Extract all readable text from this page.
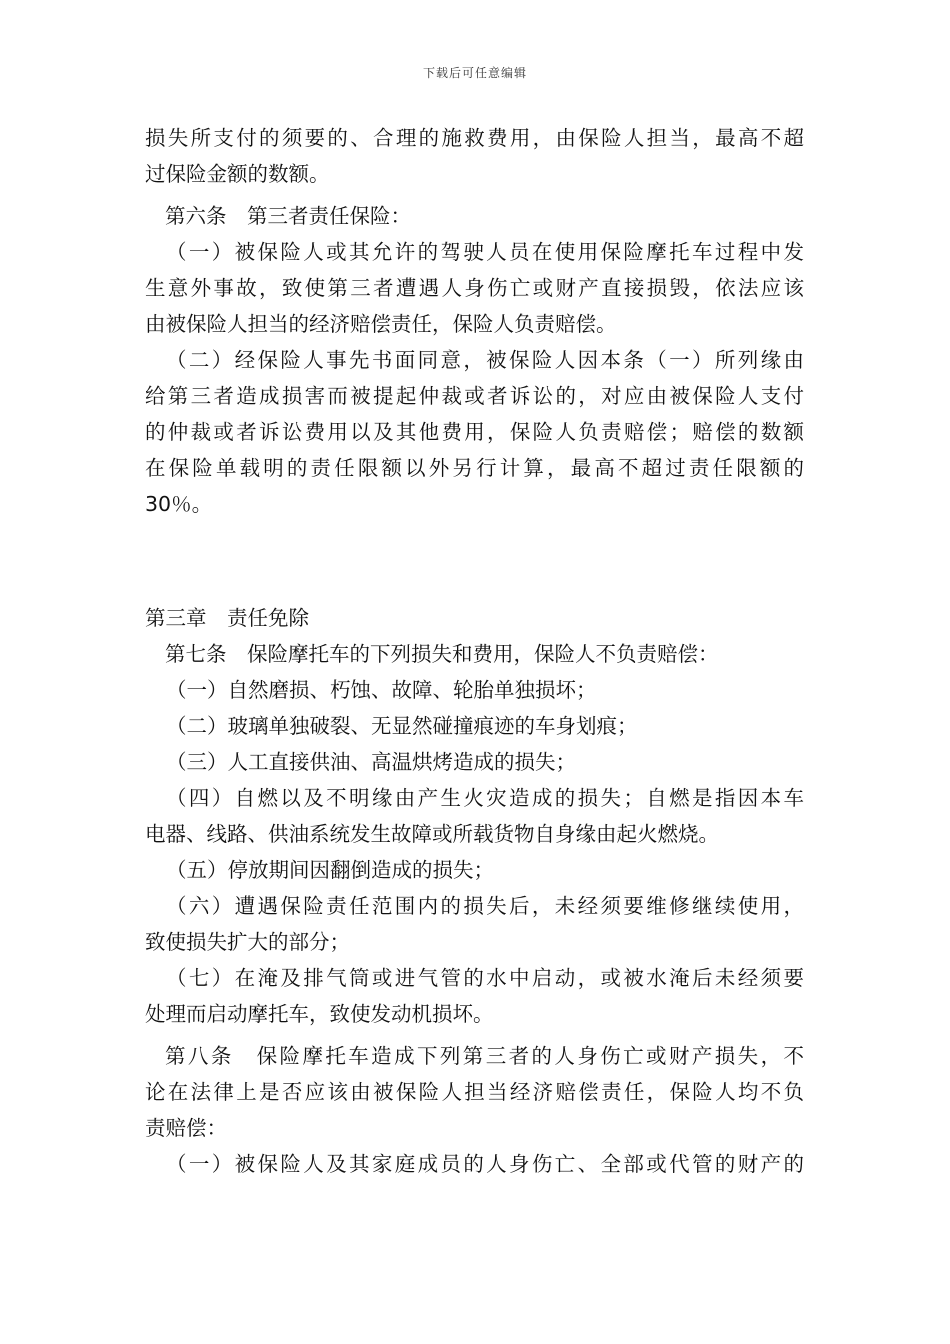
下载后可任意编辑
损失所支付的须要的、合理的施救费用，由保险人担当，最高不超
过保险金额的数额。
第六条　第三者责任保险：
（一）被保险人或其允许的驾驶人员在使用保险摩托车过程中发
生意外事故，致使第三者遭遇人身伤亡或财产直接损毁，依法应该
由被保险人担当的经济赔偿责任，保险人负责赔偿。
（二）经保险人事先书面同意，被保险人因本条（一）所列缘由
给第三者造成损害而被提起仲裁或者诉讼的，对应由被保险人支付
的仲裁或者诉讼费用以及其他费用，保险人负责赔偿；赔偿的数额
在保险单载明的责任限额以外另行计算，最高不超过责任限额的
30％。
第三章　责任免除
第七条　保险摩托车的下列损失和费用，保险人不负责赔偿：
（一）自然磨损、朽蚀、故障、轮胎单独损坏；
（二）玻璃单独破裂、无显然碰撞痕迹的车身划痕；
（三）人工直接供油、高温烘烤造成的损失；
（四）自燃以及不明缘由产生火灾造成的损失；自燃是指因本车
电器、线路、供油系统发生故障或所载货物自身缘由起火燃烧。
（五）停放期间因翻倒造成的损失；
（六）遭遇保险责任范围内的损失后，未经须要维修继续使用，
致使损失扩大的部分；
（七）在淹及排气筒或进气管的水中启动，或被水淹后未经须要
处理而启动摩托车，致使发动机损坏。
第八条　保险摩托车造成下列第三者的人身伤亡或财产损失，不
论在法律上是否应该由被保险人担当经济赔偿责任，保险人均不负
责赔偿：
（一）被保险人及其家庭成员的人身伤亡、全部或代管的财产的
